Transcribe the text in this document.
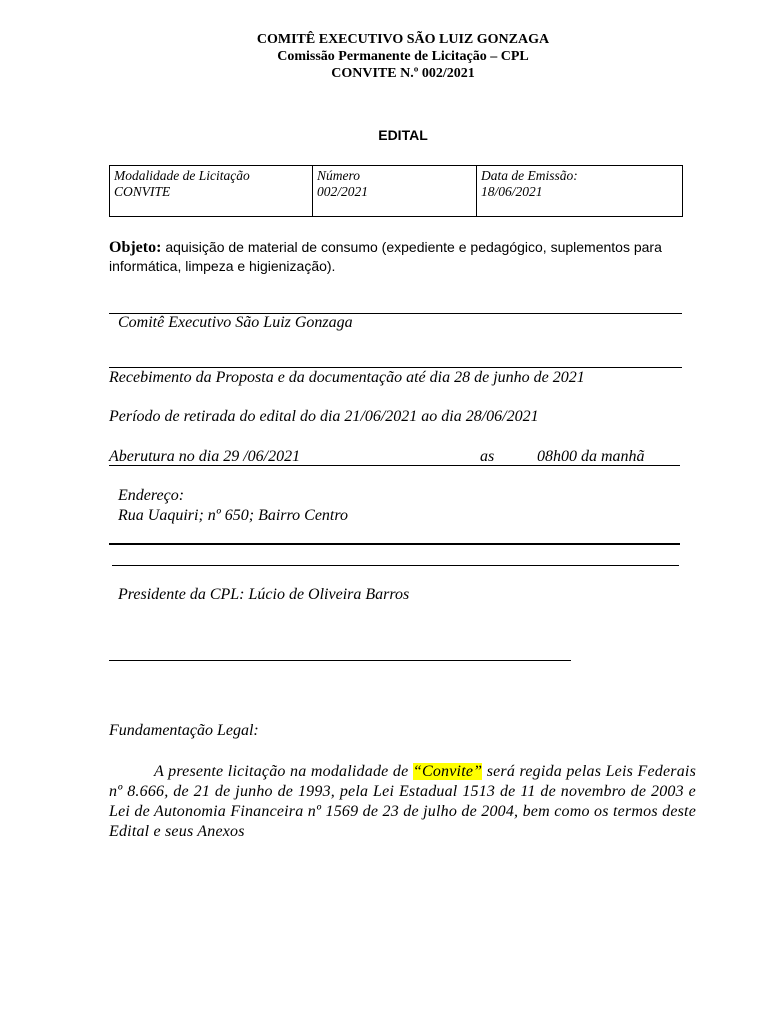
COMITÊ EXECUTIVO SÃO LUIZ GONZAGA
Comissão Permanente de Licitação – CPL
CONVITE N.º 002/2021
EDITAL
Modalidade de Licitação
CONVITE

Número
002/2021

Data de Emissão:
18/06/2021
Objeto: aquisição de material de consumo (expediente e pedagógico, suplementos para informática, limpeza e higienização).
Comitê Executivo São Luiz Gonzaga
Recebimento da Proposta e da documentação até dia 28 de junho de 2021
Período de retirada do edital do dia 21/06/2021 ao dia 28/06/2021
Aberutura no dia 29 /06/2021	as	08h00 da manhã
Endereço:
Rua Uaquiri; nº 650; Bairro Centro
Presidente da CPL: Lúcio de Oliveira Barros
Fundamentação Legal:
A presente licitação na modalidade de “Convite” será regida pelas Leis Federais nº 8.666, de 21 de junho de 1993, pela Lei Estadual 1513 de 11 de novembro de 2003 e Lei de Autonomia Financeira nº 1569 de 23 de julho de 2004, bem como os termos deste Edital e seus Anexos
